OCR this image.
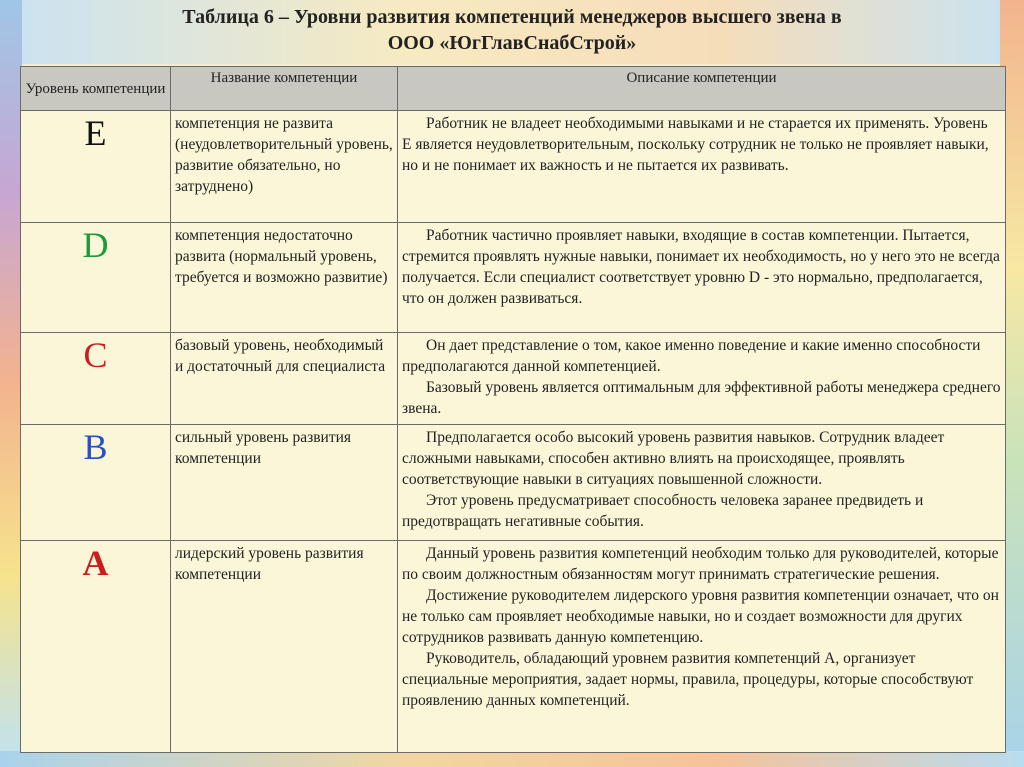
Таблица 6 – Уровни развития компетенций менеджеров высшего звена в
ООО «ЮгГлавСнабСтрой»
Уровень компетенции	Название компетенции	Описание компетенции
E	компетенция не развита (неудовлетворительный уровень, развитие обязательно, но затруднено)	Работник не владеет необходимыми навыками и не старается их применять. Уровень Е является неудовлетворительным, поскольку сотрудник не только не проявляет навыки, но и не понимает их важность и не пытается их развивать.

D	компетенция недостаточно развита (нормальный уровень, требуется и возможно развитие)	Работник частично проявляет навыки, входящие в состав компетенции. Пытается, стремится проявлять нужные навыки, понимает их необходимость, но у него это не всегда получается. Если специалист соответствует уровню D - это нормально, предполагается, что он должен развиваться.

C	базовый уровень, необходимый и достаточный для специалиста	Он дает представление о том, какое именно поведение и какие именно способности предполагаются данной компетенцией.

Базовый уровень является оптимальным для эффективной работы менеджера среднего звена.

B	сильный уровень развития компетенции	Предполагается особо высокий уровень развития навыков. Сотрудник владеет сложными навыками, способен активно влиять на происходящее, проявлять соответствующие навыки в ситуациях повышенной сложности.

Этот уровень предусматривает способность человека заранее предвидеть и предотвращать негативные события.

A	лидерский уровень развития компетенции	Данный уровень развития компетенций необходим только для руководителей, которые по своим должностным обязанностям могут принимать стратегические решения.

Достижение руководителем лидерского уровня развития компетенции означает, что он не только сам проявляет необходимые навыки, но и создает возможности для других сотрудников развивать данную компетенцию.

Руководитель, обладающий уровнем развития компетенций А, организует специальные мероприятия, задает нормы, правила, процедуры, которые способствуют проявлению данных компетенций.
